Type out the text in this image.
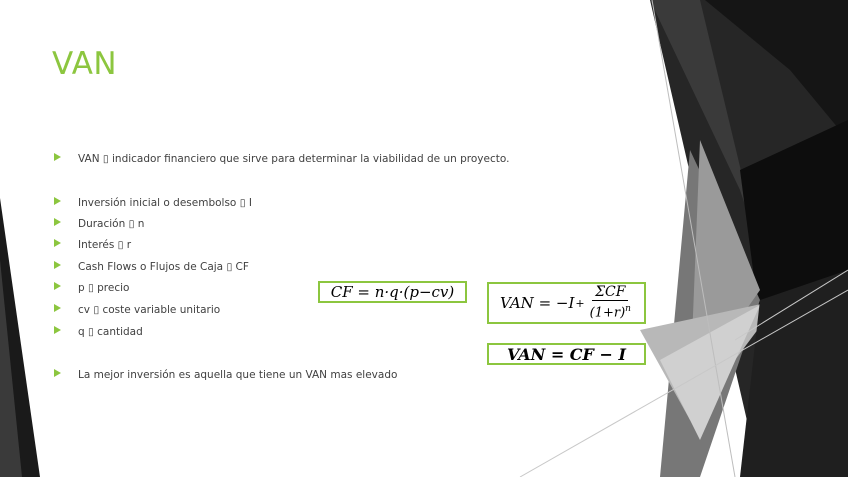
VAN
VAN ▯ indicador financiero que sirve para determinar la viabilidad de un proyecto.
Inversión inicial o desembolso ▯ I
Duración ▯ n
Interés ▯ r
Cash Flows o Flujos de Caja ▯ CF
p ▯ precio
cv ▯ coste variable unitario
q ▯ cantidad
La mejor inversión es aquella que tiene un VAN mas elevado
CF = n·q·(p−cv)
VAN = $-I + \frac{\text{ΣCF}}{(1+r)^n}$
VAN = CF − I
